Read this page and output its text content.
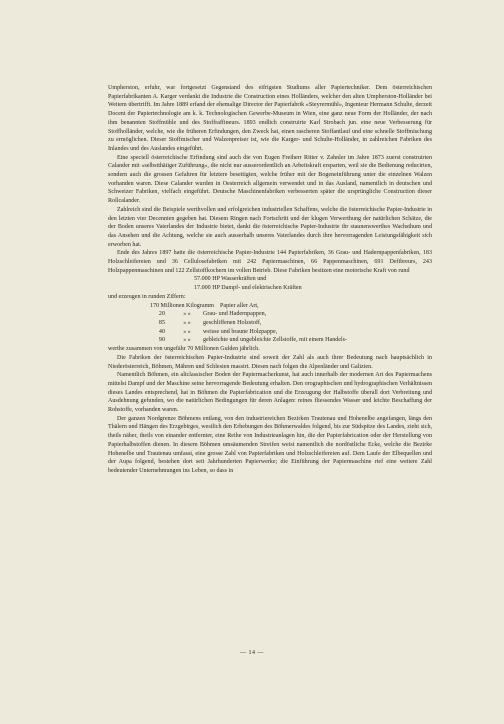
Umpherston, erfuhr, war fortgesetzt Gegenstand des eifrigsten Studiums aller Papiertechniker. Dem österreichischen Papierfabrikanten A. Karger verdankt die Industrie die Construction eines Holländers, welcher den alten Umpherston-Holländer bei Weitem übertrifft. Im Jahre 1889 erfand der ehemalige Director der Papierfabrik «Steyrermühl», Ingenieur Hermann Schulte, derzeit Docent der Papiertechnologie am k. k. Technologischen Gewerbe-Museum in Wien, eine ganz neue Form der Holländer, der nach ihm benannten Stoffmühle und des Stoffraffineurs. 1893 endlich construirte Karl Strobach jun. eine neue Verbesserung für Stoffholländer, welche, wie die früheren Erfindungen, den Zweck hat, einen rascheren Stoffantlauf und eine schnelle Stoffmischung zu ermöglichen. Dieser Stoffmischer und Walzenpreiser ist, wie die Karger- und Schulte-Holländer, in zahlreichen Fabriken des Inlandes und des Auslandes eingeführt.

Eine speciell österreichische Erfindung sind auch die von Eugen Freiherr Ritter v. Zahnler im Jahre 1873 zuerst construirten Calander mit «selbstthätiger Zuführung», die nicht nur ausserordentlich an Arbeitskraft ersparten, weil sie die Bedienung reducirten, sondern auch die grossen Gefahren für letztere beseitigten, welche früher mit der Bogeneinführung unter die einzelnen Walzen vorhanden waren. Diese Calander wurden in Oesterreich allgemein verwendet und in das Ausland, namentlich in deutschen und Schweizer Fabriken, vielfach eingeführt. Deutsche Maschinenfabriken verbesserten später die ursprüngliche Construction dieser Rollcalander.

Zahlreich sind die Beispiele werthvollen und erfolgreichen industriellen Schaffens, welche die österreichische Papier-Industrie in den letzten vier Decennien gegeben hat. Diesem Ringen nach Fortschritt und der klugen Verwerthung der natürlichen Schätze, die der Boden unseres Vaterlandes der Industrie bietet, dankt die österreichische Papier-Industrie ihr staunenswerthes Wachsthum und das Ansehen und die Achtung, welche sie auch ausserhalb unseres Vaterlandes durch ihre hervorragenden Leistungsfähigkeit sich erworben hat.

Ende des Jahres 1897 hatte die österreichische Papier-Industrie 144 Papierfabriken, 36 Grau- und Hadernpappenfabriken, 183 Holzschleifereien und 36 Cellulosefabriken mit 242 Papiermaschinen, 66 Pappenmaschinen, 691 Defibreurs, 243 Holzpappenmaschinen und 122 Zellstoffkochern im vollen Betrieb. Diese Fabriken besitzen eine motorische Kraft von rund

57.000 HP Wasserkräften und
17.000 HP Dampf- und elektrischen Kräften

und erzeugen in runden Ziffern:

170 Millionen Kilogramm Papier aller Art,
20	» »	Grau- und Hadernpappen,
85	» »	geschliffenen Holzstoff,
40	» »	weisse und braune Holzpappe,
90	» »	gebleichte und ungebleichte Zellstoffe, mit einem Handels-

werthe zusammen von ungefähr 70 Millionen Gulden jährlich.

Die Fabriken der österreichischen Papier-Industrie sind soweit der Zahl als auch ihrer Bedeutung nach hauptsächlich in Niederösterreich, Böhmen, Mähren und Schlesien massirt. Diesen nach folgen die Alpenländer und Galizien.

Namentlich Böhmen, ein altclassischer Boden der Papiermacherkunst, hat auch innerhalb der modernen Art des Papiermachens mittelst Dampf und der Maschine seine hervorragende Bedeutung erhalten. Den orographischen und hydrographischen Verhältnissen dieses Landes entsprechend, hat in Böhmen die Papierfabrication und die Erzeugung der Halbstoffe überall dort Verbreitung und Ausdehnung gefunden, wo die natürlichen Bedingungen für deren Anlagen: reines fliessendes Wasser und leichte Beschaffung der Rohstoffe, vorhanden waren.

Der ganzen Nordgrenze Böhmens entlang, von den industriereichen Bezirken Trautenau und Hohenelbe angefangen, längs den Thälern und Hängen des Erzgebirges, westlich den Erhebungen des Böhmerwaldes folgend, bis zur Südspitze des Landes, zieht sich, theils näher, theils von einander entfernter, eine Reihe von Industrieanlagen hin, die der Papierfabrication oder der Herstellung von Papierhalbstoffen dienen. In diesem Böhmen umsäumenden Streifen weist namentlich die nordöstliche Ecke, welche die Bezirke Hohenelbe und Trautenau umfasst, eine grosse Zahl von Papierfabriken und Holzschleifereien auf. Dem Laufe der Elbequellen und der Aupa folgend, bestehen dort seit Jahrhunderten Papierwerke; die Einführung der Papiermaschine rief eine weitere Zahl bedeutender Unternehmungen ins Leben, so dass in

— 14 —
